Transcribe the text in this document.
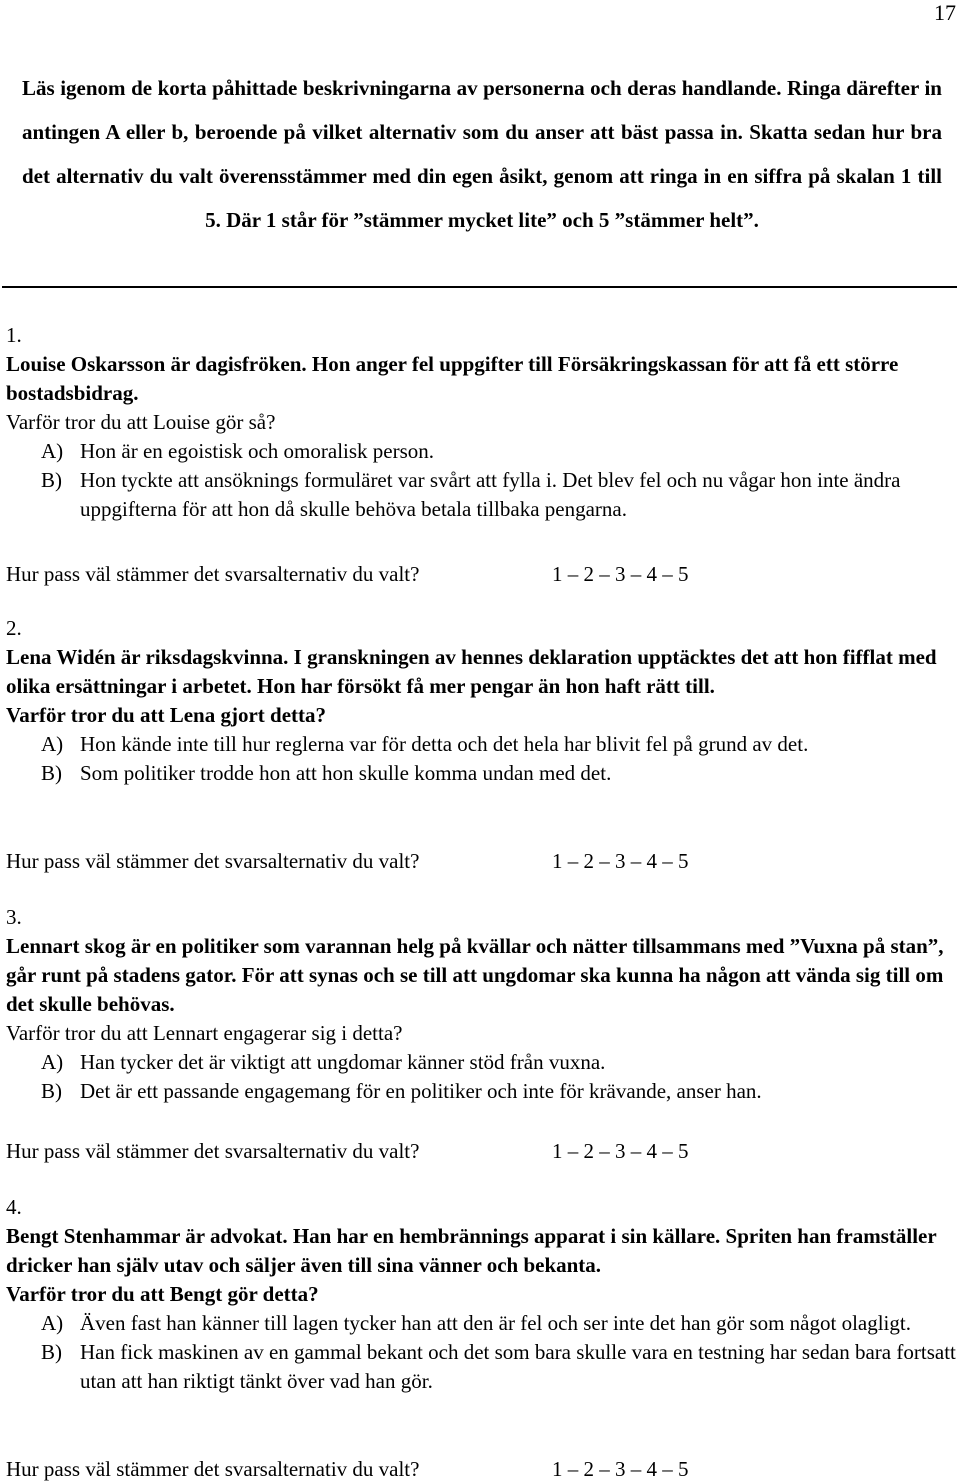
17
Läs igenom de korta påhittade beskrivningarna av personerna och deras handlande. Ringa därefter in antingen A eller b, beroende på vilket alternativ som du anser att bäst passa in. Skatta sedan hur bra det alternativ du valt överensstämmer med din egen åsikt, genom att ringa in en siffra på skalan 1 till 5. Där 1 står för ”stämmer mycket lite” och 5 ”stämmer helt”.
1.
Louise Oskarsson är dagisfröken. Hon anger fel uppgifter till Försäkringskassan för att få ett större bostadsbidrag.
Varför tror du att Louise gör så?
A) Hon är en egoistisk och omoralisk person.
B) Hon tyckte att ansöknings formuläret var svårt att fylla i. Det blev fel och nu vågar hon inte ändra uppgifterna för att hon då skulle behöva betala tillbaka pengarna.
Hur pass väl stämmer det svarsalternativ du valt?	1 – 2 – 3 – 4 – 5
2.
Lena Widén är riksdagskvinna. I granskningen av hennes deklaration upptäcktes det att hon fifflat med olika ersättningar i arbetet. Hon har försökt få mer pengar än hon haft rätt till.
Varför tror du att Lena gjort detta?
A) Hon kände inte till hur reglerna var för detta och det hela har blivit fel på grund av det.
B) Som politiker trodde hon att hon skulle komma undan med det.
Hur pass väl stämmer det svarsalternativ du valt?	1 – 2 – 3 – 4 – 5
3.
Lennart skog är en politiker som varannan helg på kvällar och nätter tillsammans med ”Vuxna på stan”, går runt på stadens gator. För att synas och se till att ungdomar ska kunna ha någon att vända sig till om det skulle behövas.
Varför tror du att Lennart engagerar sig i detta?
A) Han tycker det är viktigt att ungdomar känner stöd från vuxna.
B) Det är ett passande engagemang för en politiker och inte för krävande, anser han.
Hur pass väl stämmer det svarsalternativ du valt?	1 – 2 – 3 – 4 – 5
4.
Bengt Stenhammar är advokat. Han har en hembrännings apparat i sin källare. Spriten han framställer dricker han själv utav och säljer även till sina vänner och bekanta.
Varför tror du att Bengt gör detta?
A) Även fast han känner till lagen tycker han att den är fel och ser inte det han gör som något olagligt.
B) Han fick maskinen av en gammal bekant och det som bara skulle vara en testning har sedan bara fortsatt utan att han riktigt tänkt över vad han gör.
Hur pass väl stämmer det svarsalternativ du valt?	1 – 2 – 3 – 4 – 5
